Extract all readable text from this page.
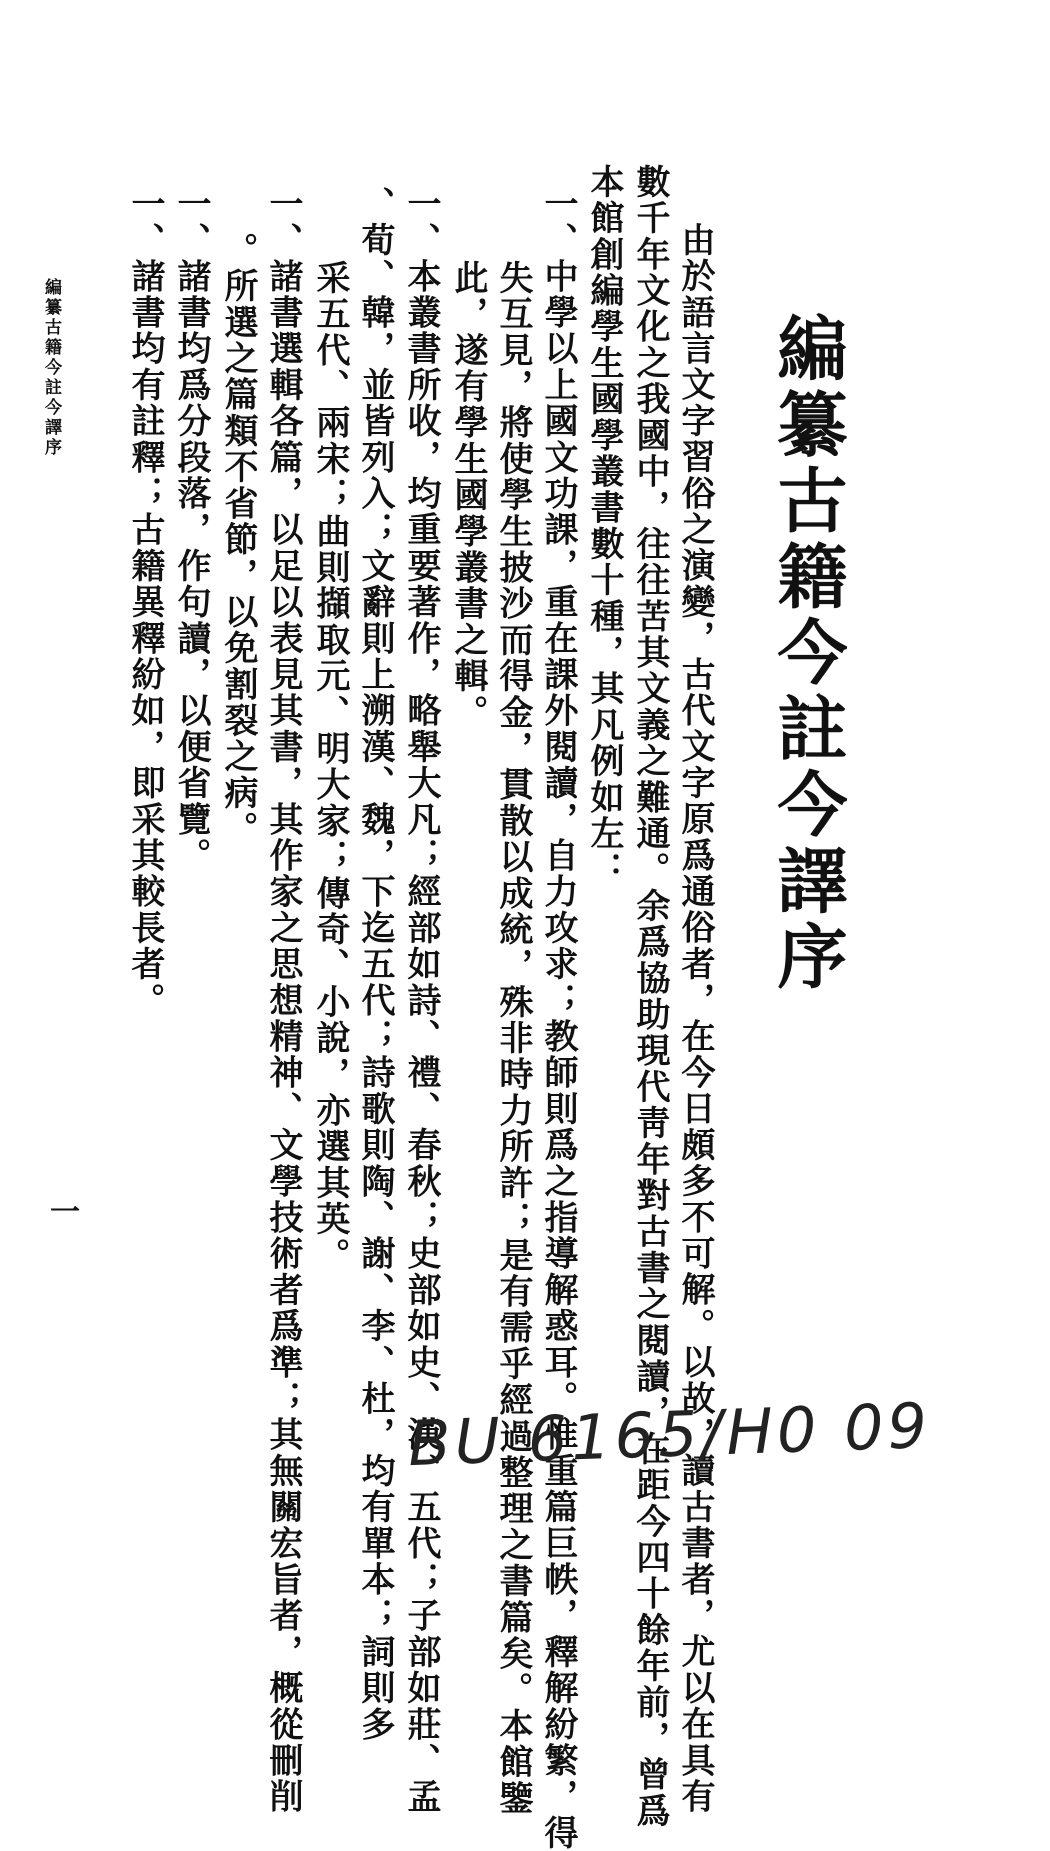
編纂古籍今註今譯序
由於語言文字習俗之演變，古代文字原爲通俗者，在今日頗多不可解。以故，讀古書者，尤以在具有
數千年文化之我國中，往往苦其文義之難通。余爲協助現代靑年對古書之閱讀，在距今四十餘年前，曾爲
本館創編學生國學叢書數十種，其凡例如左：
一、中學以上國文功課，重在課外閱讀，自力攻求；教師則爲之指導解惑耳。惟重篇巨帙，釋解紛繁，得
失互見，將使學生披沙而得金，貫散以成統，殊非時力所許；是有需乎經過整理之書篇矣。本館鑒
此，遂有學生國學叢書之輯。
一、本叢書所收，均重要著作，略舉大凡；經部如詩、禮、春秋；史部如史、漢、五代；子部如莊、孟
、荀、韓，並皆列入；文辭則上溯漢、魏，下迄五代；詩歌則陶、謝、李、杜，均有單本；詞則多
采五代、兩宋；曲則擷取元、明大家；傳奇、小說，亦選其英。
一、諸書選輯各篇，以足以表見其書，其作家之思想精神、文學技術者爲準；其無關宏旨者，概從刪削
。所選之篇類不省節，以免割裂之病。
一、諸書均爲分段落，作句讀，以便省覽。
一、諸書均有註釋；古籍異釋紛如，即采其較長者。
編纂古籍今註今譯序
一
BU 6165/H0 09
